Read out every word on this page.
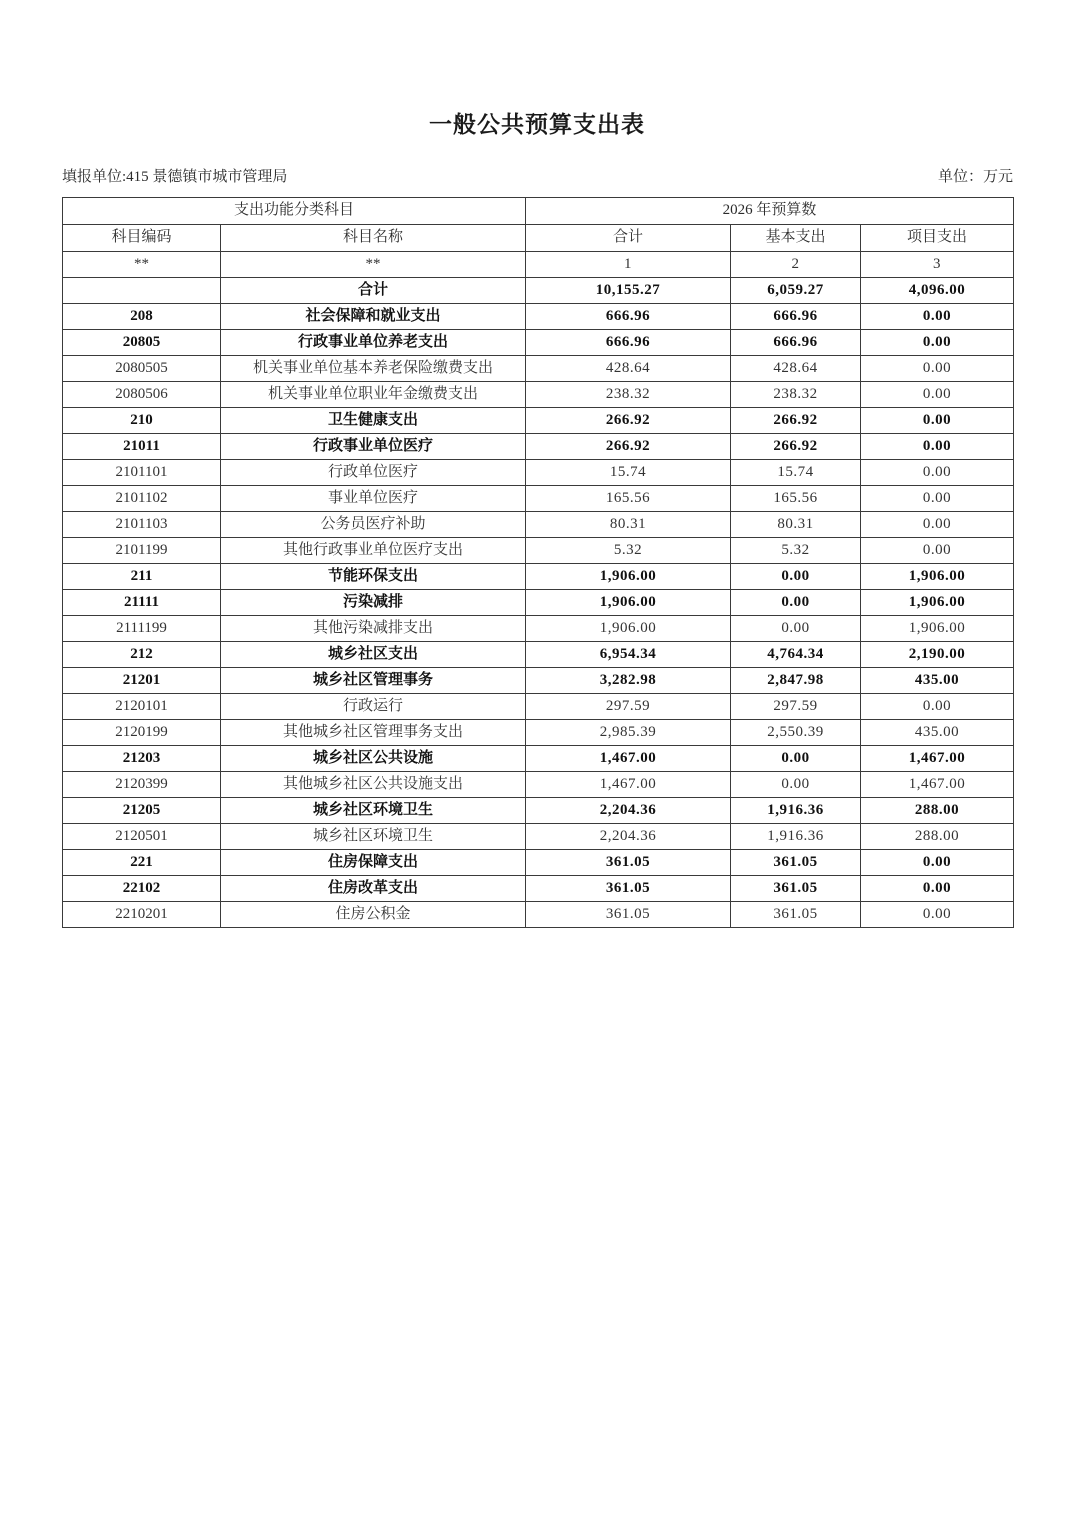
一般公共预算支出表
填报单位:415 景德镇市城市管理局	单位：万元
支出功能分类科目		2026 年预算数		
科目编码	科目名称	合计	基本支出	项目支出
**	**	1	2	3
	合计	10,155.27	6,059.27	4,096.00
208	社会保障和就业支出	666.96	666.96	0.00
20805	行政事业单位养老支出	666.96	666.96	0.00
2080505	机关事业单位基本养老保险缴费支出	428.64	428.64	0.00
2080506	机关事业单位职业年金缴费支出	238.32	238.32	0.00
210	卫生健康支出	266.92	266.92	0.00
21011	行政事业单位医疗	266.92	266.92	0.00
2101101	行政单位医疗	15.74	15.74	0.00
2101102	事业单位医疗	165.56	165.56	0.00
2101103	公务员医疗补助	80.31	80.31	0.00
2101199	其他行政事业单位医疗支出	5.32	5.32	0.00
211	节能环保支出	1,906.00	0.00	1,906.00
21111	污染减排	1,906.00	0.00	1,906.00
2111199	其他污染减排支出	1,906.00	0.00	1,906.00
212	城乡社区支出	6,954.34	4,764.34	2,190.00
21201	城乡社区管理事务	3,282.98	2,847.98	435.00
2120101	行政运行	297.59	297.59	0.00
2120199	其他城乡社区管理事务支出	2,985.39	2,550.39	435.00
21203	城乡社区公共设施	1,467.00	0.00	1,467.00
2120399	其他城乡社区公共设施支出	1,467.00	0.00	1,467.00
21205	城乡社区环境卫生	2,204.36	1,916.36	288.00
2120501	城乡社区环境卫生	2,204.36	1,916.36	288.00
221	住房保障支出	361.05	361.05	0.00
22102	住房改革支出	361.05	361.05	0.00
2210201	住房公积金	361.05	361.05	0.00
